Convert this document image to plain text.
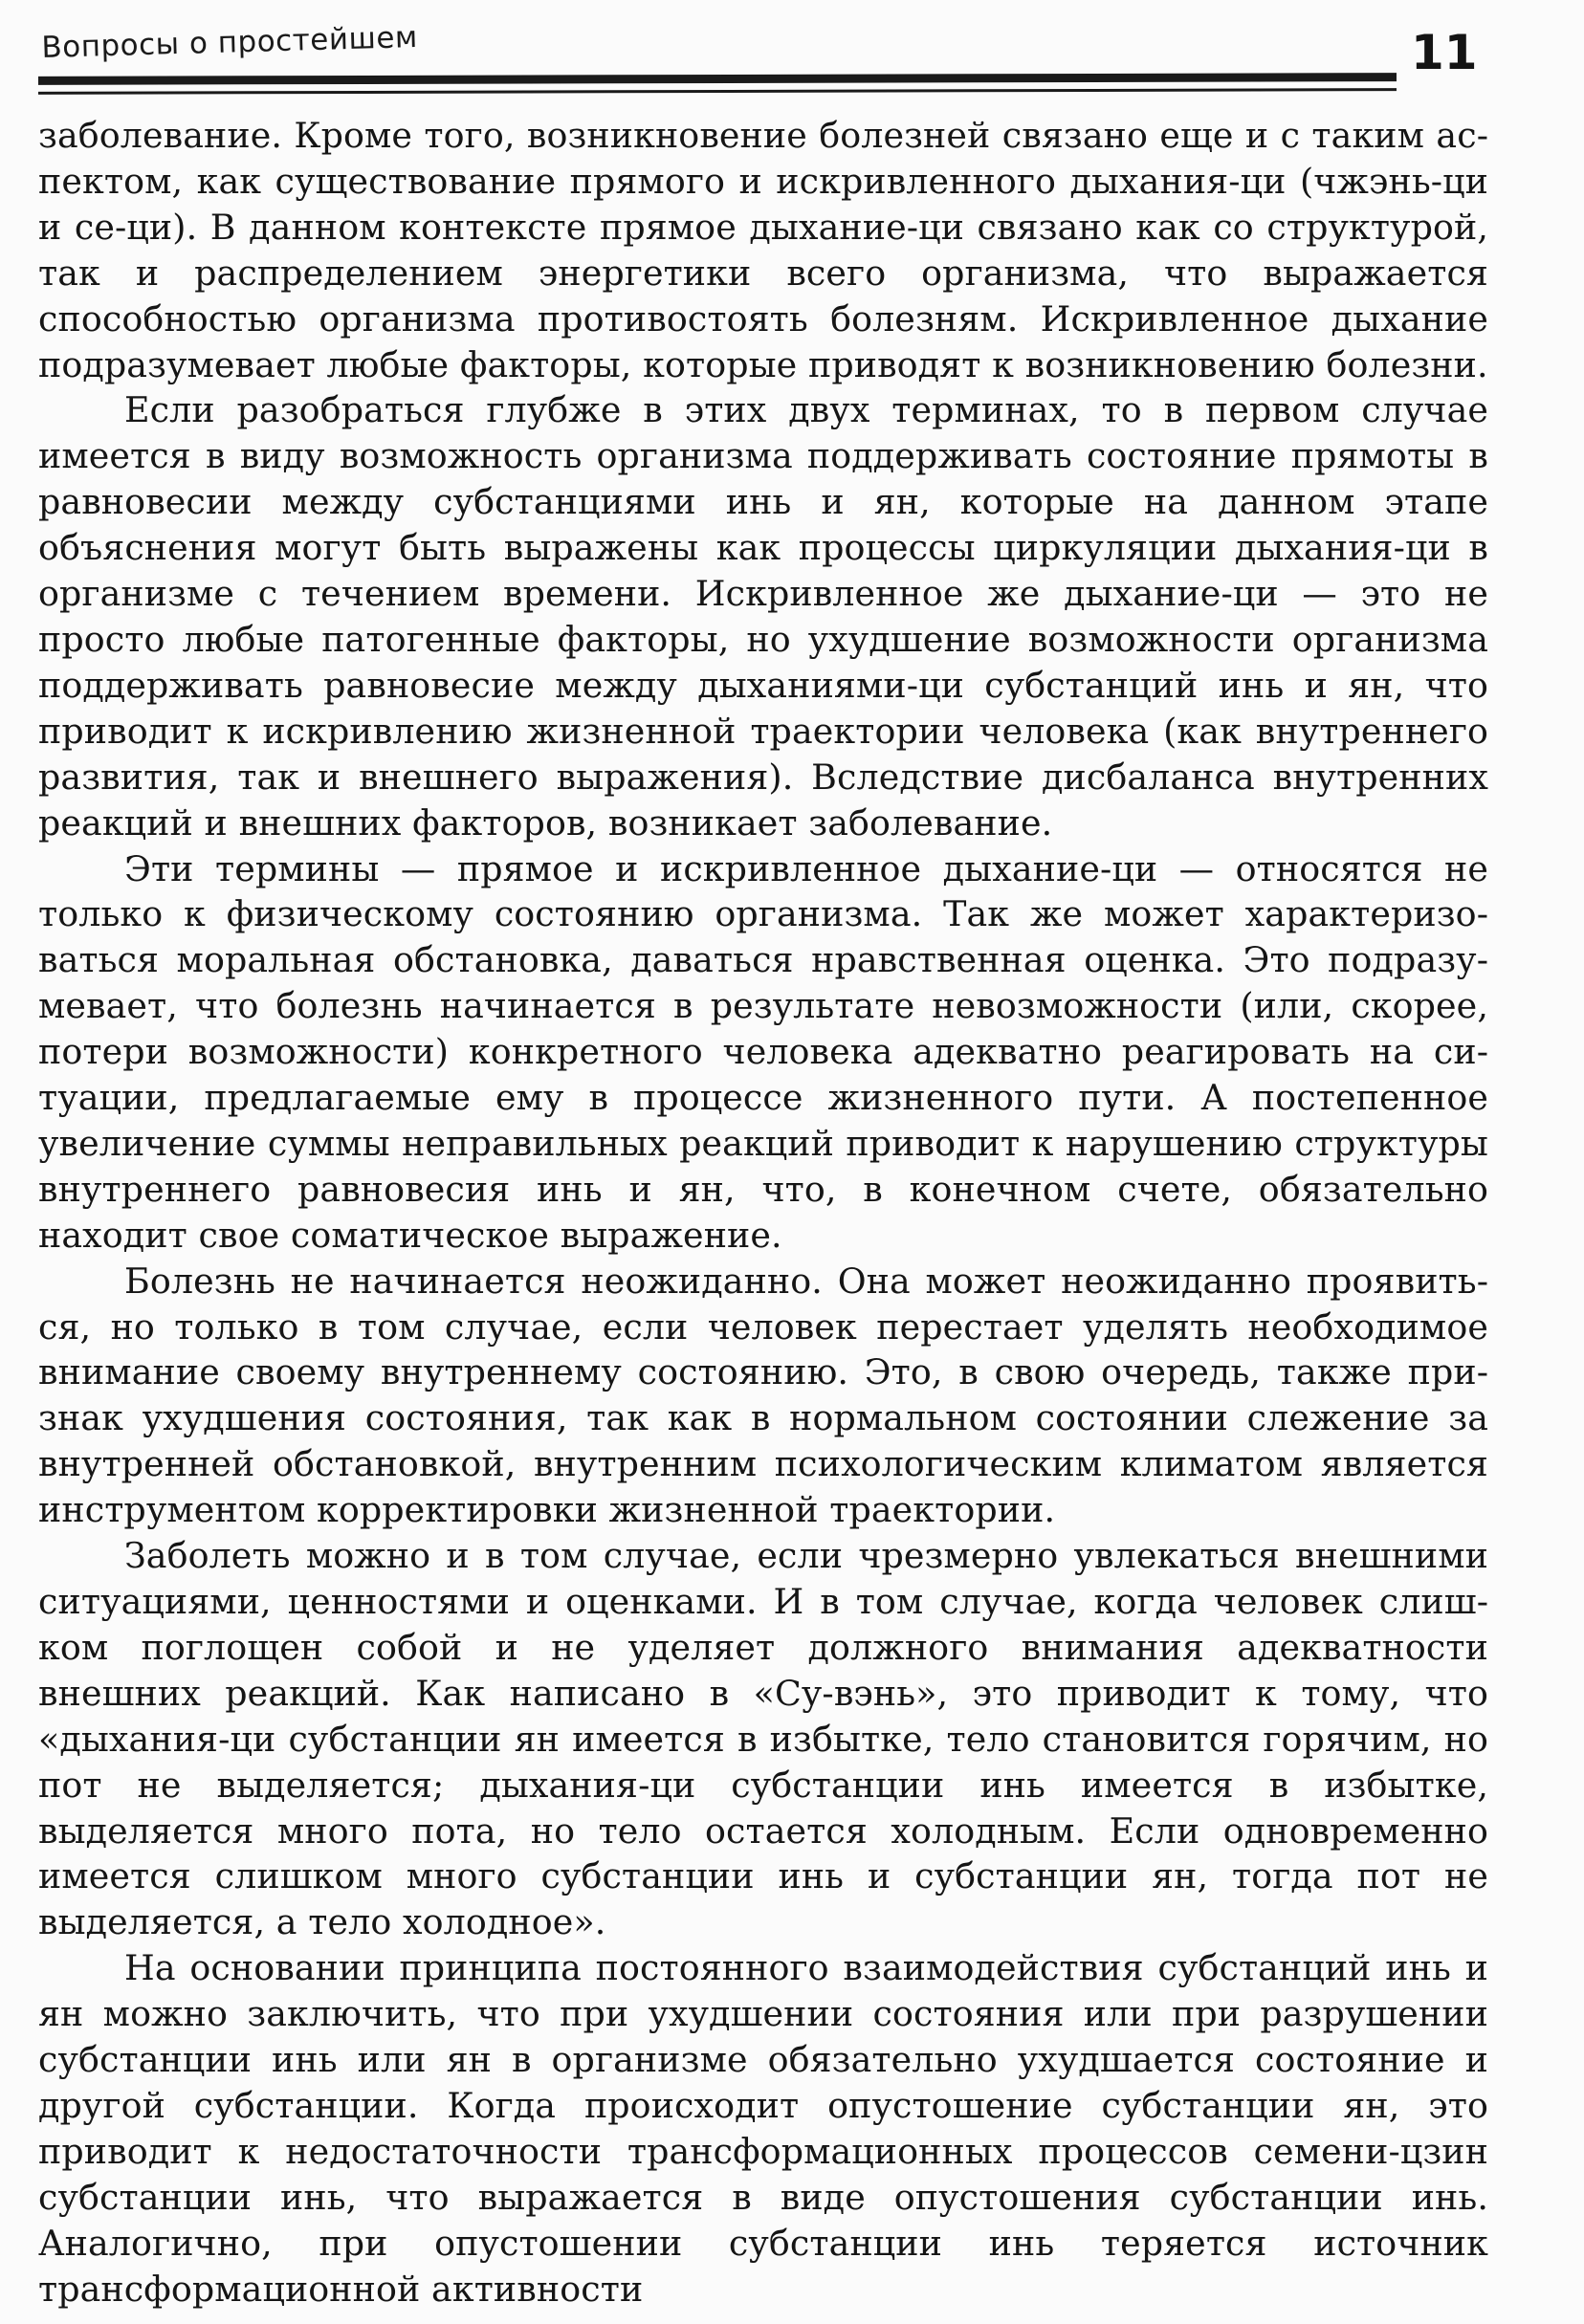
Вопросы о простейшем	11

заболевание. Кроме того, возникновение болезней связано еще и с таким аспектом, как существование прямого и искривленного дыхания-ци (чжэнь-ци и се-ци). В данном контексте прямое дыхание-ци связано как со структурой, так и распределением энергетики всего организма, что выражается способностью организма противостоять болезням. Искривленное дыхание подразумевает любые факторы, которые приводят к возникновению болезни.

Если разобраться глубже в этих двух терминах, то в первом случае имеется в виду возможность организма поддерживать состояние прямоты в равновесии между субстанциями инь и ян, которые на данном этапе объяснения могут быть выражены как процессы циркуляции дыхания-ци в организме с течением времени. Искривленное же дыхание-ци — это не просто любые патогенные факторы, но ухудшение возможности организма поддерживать равновесие между дыханиями-ци субстанций инь и ян, что приводит к искривлению жизненной траектории человека (как внутреннего развития, так и внешнего выражения). Вследствие дисбаланса внутренних реакций и внешних факторов, возникает заболевание.

Эти термины — прямое и искривленное дыхание-ци — относятся не только к физическому состоянию организма. Так же может характеризоваться моральная обстановка, даваться нравственная оценка. Это подразумевает, что болезнь начинается в результате невозможности (или, скорее, потери возможности) конкретного человека адекватно реагировать на ситуации, предлагаемые ему в процессе жизненного пути. А постепенное увеличение суммы неправильных реакций приводит к нарушению структуры внутреннего равновесия инь и ян, что, в конечном счете, обязательно находит свое соматическое выражение.

Болезнь не начинается неожиданно. Она может неожиданно проявиться, но только в том случае, если человек перестает уделять необходимое внимание своему внутреннему состоянию. Это, в свою очередь, также признак ухудшения состояния, так как в нормальном состоянии слежение за внутренней обстановкой, внутренним психологическим климатом является инструментом корректировки жизненной траектории.

Заболеть можно и в том случае, если чрезмерно увлекаться внешними ситуациями, ценностями и оценками. И в том случае, когда человек слишком поглощен собой и не уделяет должного внимания адекватности внешних реакций. Как написано в «Су-вэнь», это приводит к тому, что «дыхания-ци субстанции ян имеется в избытке, тело становится горячим, но пот не выделяется; дыхания-ци субстанции инь имеется в избытке, выделяется много пота, но тело остается холодным. Если одновременно имеется слишком много субстанции инь и субстанции ян, тогда пот не выделяется, а тело холодное».

На основании принципа постоянного взаимодействия субстанций инь и ян можно заключить, что при ухудшении состояния или при разрушении субстанции инь или ян в организме обязательно ухудшается состояние и другой субстанции. Когда происходит опустошение субстанции ян, это приводит к недостаточности трансформационных процессов семени-цзин субстанции инь, что выражается в виде опустошения субстанции инь. Аналогично, при опустошении субстанции инь теряется источник трансформационной активности
